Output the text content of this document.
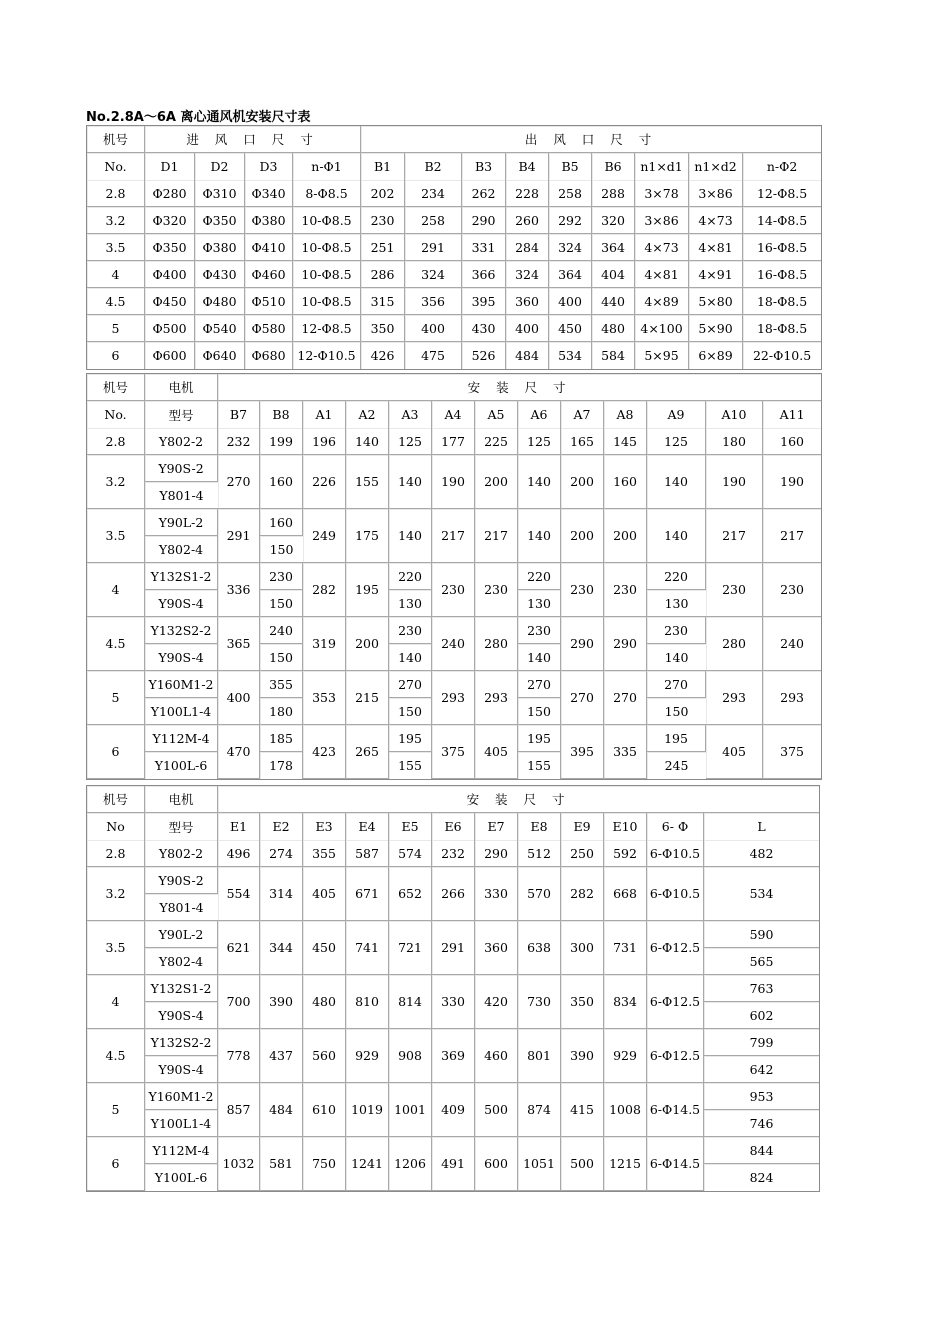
No.2.8A～6A 离心通风机安装尺寸表
机号	进 风 口 尺 寸				出 风 口 尺 寸								
No.	D1	D2	D3	n-Φ1	B1	B2	B3	B4	B5	B6	n1×d1	n1×d2	n-Φ2
2.8	Φ280	Φ310	Φ340	8-Φ8.5	202	234	262	228	258	288	3×78	3×86	12-Φ8.5
3.2	Φ320	Φ350	Φ380	10-Φ8.5	230	258	290	260	292	320	3×86	4×73	14-Φ8.5
3.5	Φ350	Φ380	Φ410	10-Φ8.5	251	291	331	284	324	364	4×73	4×81	16-Φ8.5
4	Φ400	Φ430	Φ460	10-Φ8.5	286	324	366	324	364	404	4×81	4×91	16-Φ8.5
4.5	Φ450	Φ480	Φ510	10-Φ8.5	315	356	395	360	400	440	4×89	5×80	18-Φ8.5
5	Φ500	Φ540	Φ580	12-Φ8.5	350	400	430	400	450	480	4×100	5×90	18-Φ8.5
6	Φ600	Φ640	Φ680	12-Φ10.5	426	475	526	484	534	584	5×95	6×89	22-Φ10.5
机号	电机	安 装 尺 寸												
No.	型号	B7	B8	A1	A2	A3	A4	A5	A6	A7	A8	A9	A10	A11
2.8	Y802-2	232	199	196	140	125	177	225	125	165	145	125	180	160
3.2	Y90S-2	270	160	226	155	140	190	200	140	200	160	140	190	190
	Y801-4													
3.5	Y90L-2	291	160	249	175	140	217	217	140	200	200	140	217	217
	Y802-4		150											
4	Y132S1-2	336	230	282	195	220	230	230	220	230	230	220	230	230
	Y90S-4		150			130			130			130		
4.5	Y132S2-2	365	240	319	200	230	240	280	230	290	290	230	280	240
	Y90S-4		150			140			140			140		
5	Y160M1-2	400	355	353	215	270	293	293	270	270	270	270	293	293
	Y100L1-4		180			150			150			150		
6	Y112M-4	470	185	423	265	195	375	405	195	395	335	195	405	375
	Y100L-6		178			155			155			245		
机号	电机	安 装 尺 寸											
No	型号	E1	E2	E3	E4	E5	E6	E7	E8	E9	E10	6- Φ	L
2.8	Y802-2	496	274	355	587	574	232	290	512	250	592	6-Φ10.5	482
3.2	Y90S-2	554	314	405	671	652	266	330	570	282	668	6-Φ10.5	534
	Y801-4												
3.5	Y90L-2	621	344	450	741	721	291	360	638	300	731	6-Φ12.5	590
	Y802-4												565
4	Y132S1-2	700	390	480	810	814	330	420	730	350	834	6-Φ12.5	763
	Y90S-4												602
4.5	Y132S2-2	778	437	560	929	908	369	460	801	390	929	6-Φ12.5	799
	Y90S-4												642
5	Y160M1-2	857	484	610	1019	1001	409	500	874	415	1008	6-Φ14.5	953
	Y100L1-4												746
6	Y112M-4	1032	581	750	1241	1206	491	600	1051	500	1215	6-Φ14.5	844
	Y100L-6												824
